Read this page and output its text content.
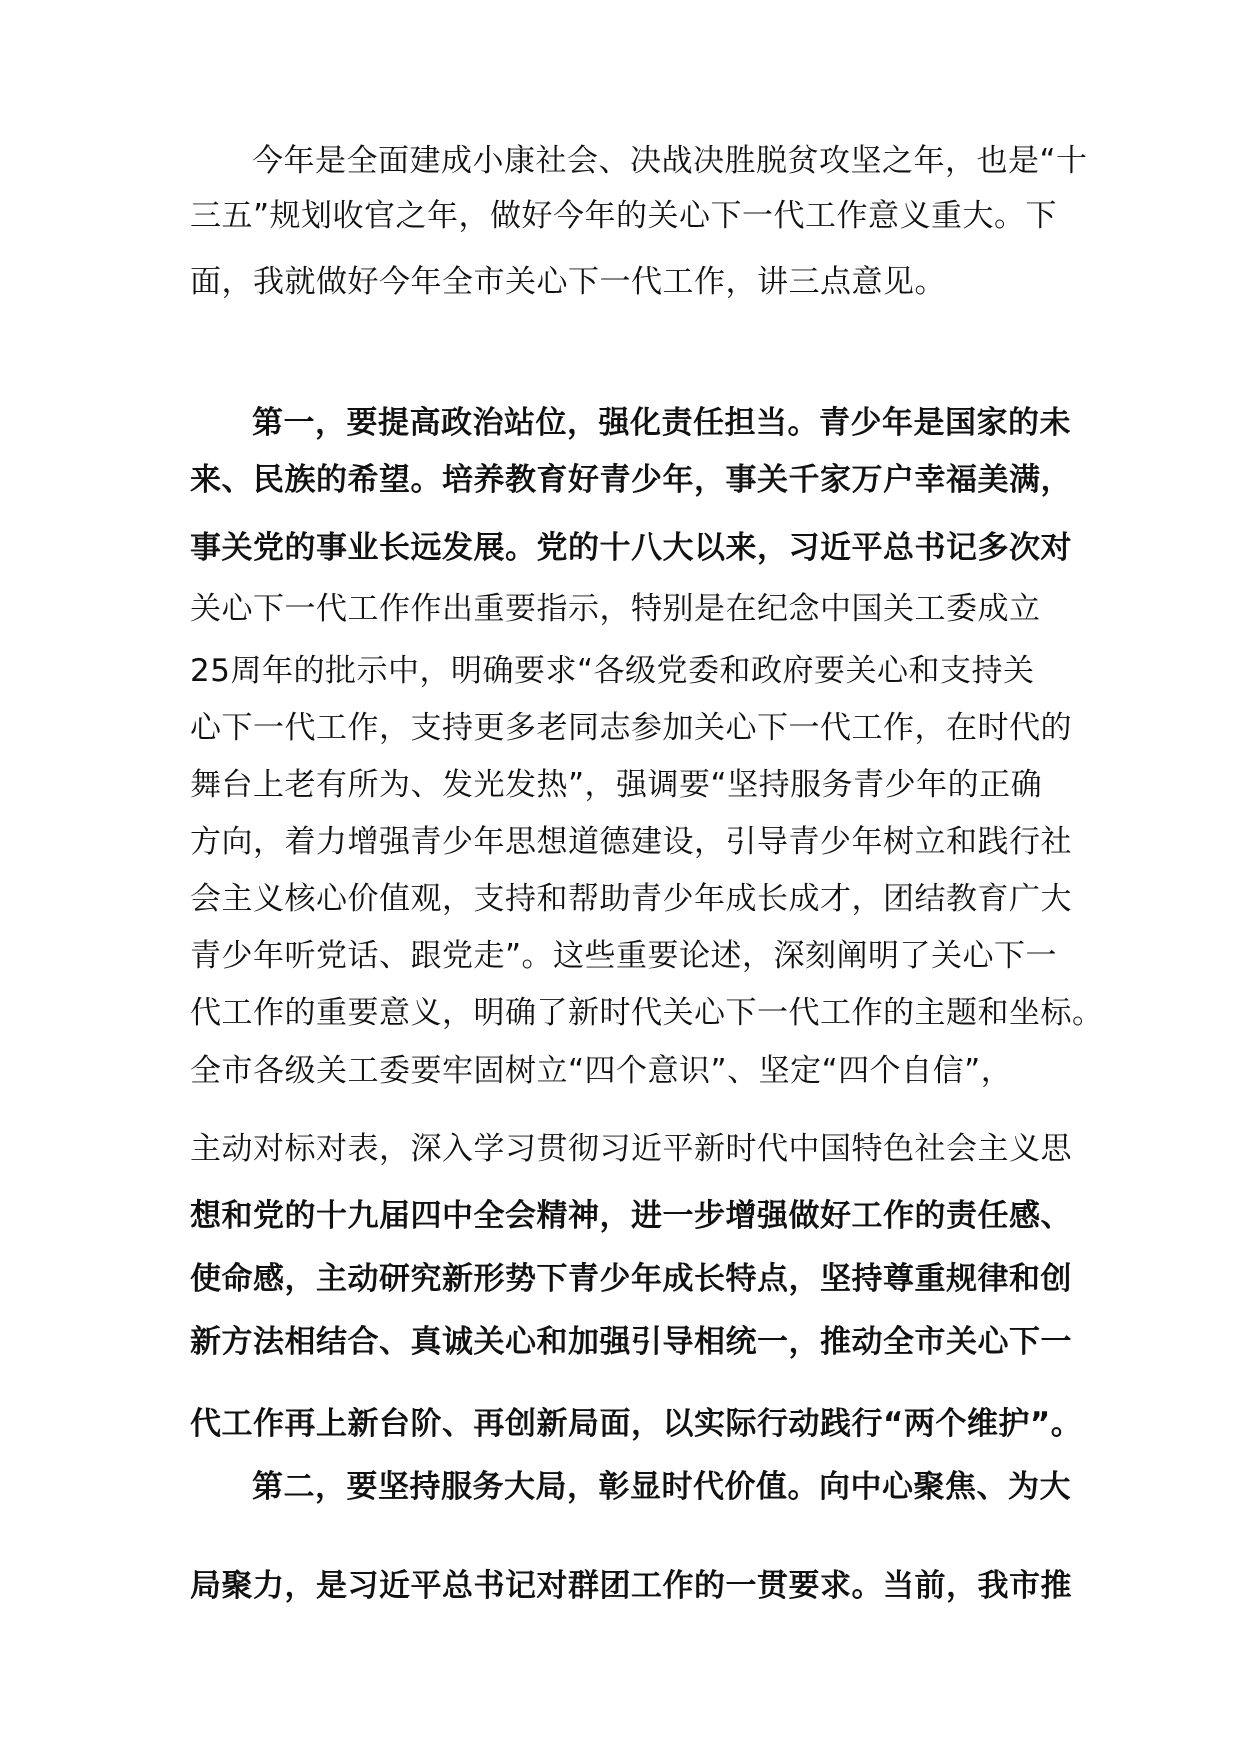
今年是全面建成小康社会、决战决胜脱贫攻坚之年，也是“十
三五”规划收官之年，做好今年的关心下一代工作意义重大。下
面，我就做好今年全市关心下一代工作，讲三点意见。
第一，要提高政治站位，强化责任担当。青少年是国家的未
来、民族的希望。培养教育好青少年，事关千家万户幸福美满，
事关党的事业长远发展。党的十八大以来，习近平总书记多次对
关心下一代工作作出重要指示，特别是在纪念中国关工委成立
25周年的批示中，明确要求“各级党委和政府要关心和支持关
心下一代工作，支持更多老同志参加关心下一代工作，在时代的
舞台上老有所为、发光发热”，强调要“坚持服务青少年的正确
方向，着力增强青少年思想道德建设，引导青少年树立和践行社
会主义核心价值观，支持和帮助青少年成长成才，团结教育广大
青少年听党话、跟党走”。这些重要论述，深刻阐明了关心下一
代工作的重要意义，明确了新时代关心下一代工作的主题和坐标。
全市各级关工委要牢固树立“四个意识”、坚定“四个自信”，
主动对标对表，深入学习贯彻习近平新时代中国特色社会主义思
想和党的十九届四中全会精神，进一步增强做好工作的责任感、
使命感，主动研究新形势下青少年成长特点，坚持尊重规律和创
新方法相结合、真诚关心和加强引导相统一，推动全市关心下一
代工作再上新台阶、再创新局面，以实际行动践行“两个维护”。
第二，要坚持服务大局，彰显时代价值。向中心聚焦、为大
局聚力，是习近平总书记对群团工作的一贯要求。当前，我市推
